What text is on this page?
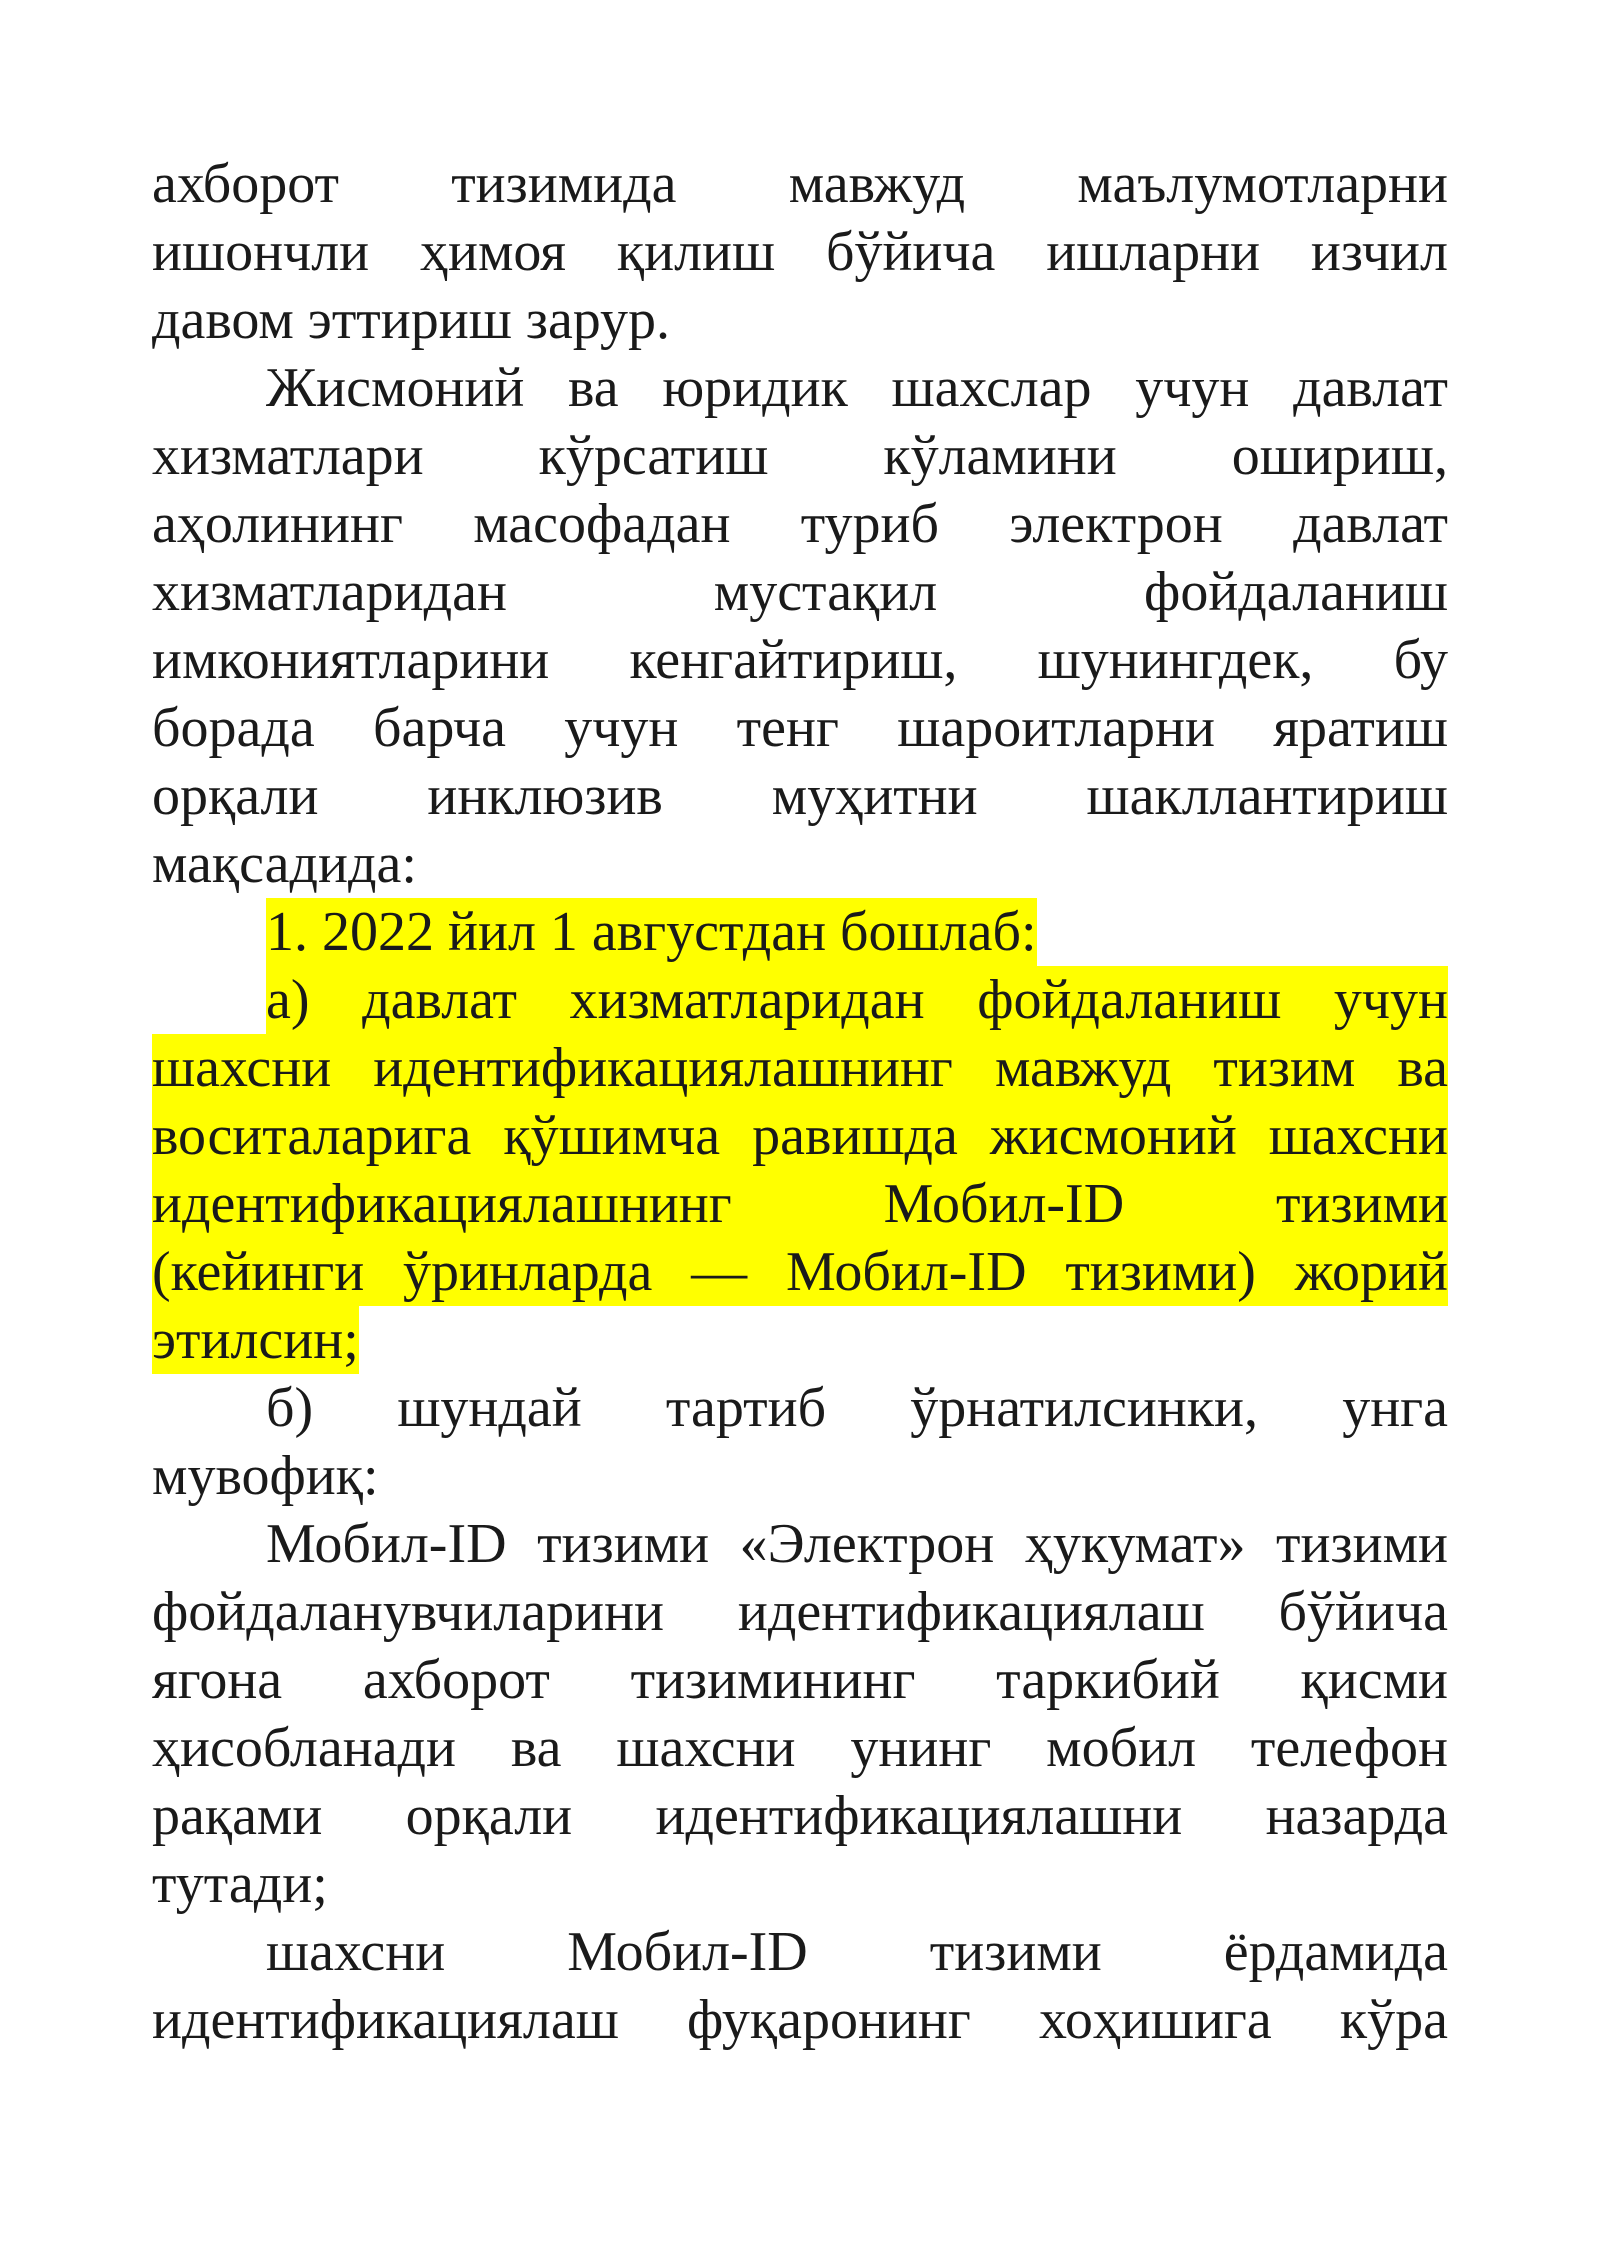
ахборот тизимида мавжуд маълумотларни
ишончли ҳимоя қилиш бўйича ишларни изчил
давом эттириш зарур.
Жисмоний ва юридик шахслар учун давлат
хизматлари кўрсатиш кўламини ошириш,
аҳолининг масофадан туриб электрон давлат
хизматларидан	мустақил	фойдаланиш
имкониятларини кенгайтириш, шунингдек, бу
борада барча учун тенг шароитларни яратиш
орқали инклюзив муҳитни шакллантириш
мақсадида:
1. 2022 йил 1 августдан бошлаб:
а) давлат хизматларидан фойдаланиш учун
шахсни идентификациялашнинг мавжуд тизим ва
воситаларига қўшимча равишда жисмоний шахсни
идентификациялашнинг	Мобил-ID	тизими
(кейинги ўринларда — Мобил-ID тизими) жорий
этилсин;
б) шундай тартиб ўрнатилсинки, унга
мувофиқ:
Мобил-ID тизими «Электрон ҳукумат» тизими
фойдаланувчиларини идентификациялаш бўйича
ягона ахборот тизимининг таркибий қисми
ҳисобланади ва шахсни унинг мобил телефон
рақами орқали идентификациялашни назарда
тутади;
шахсни Мобил-ID тизими ёрдамида
идентификациялаш фуқаронинг хоҳишига кўра
